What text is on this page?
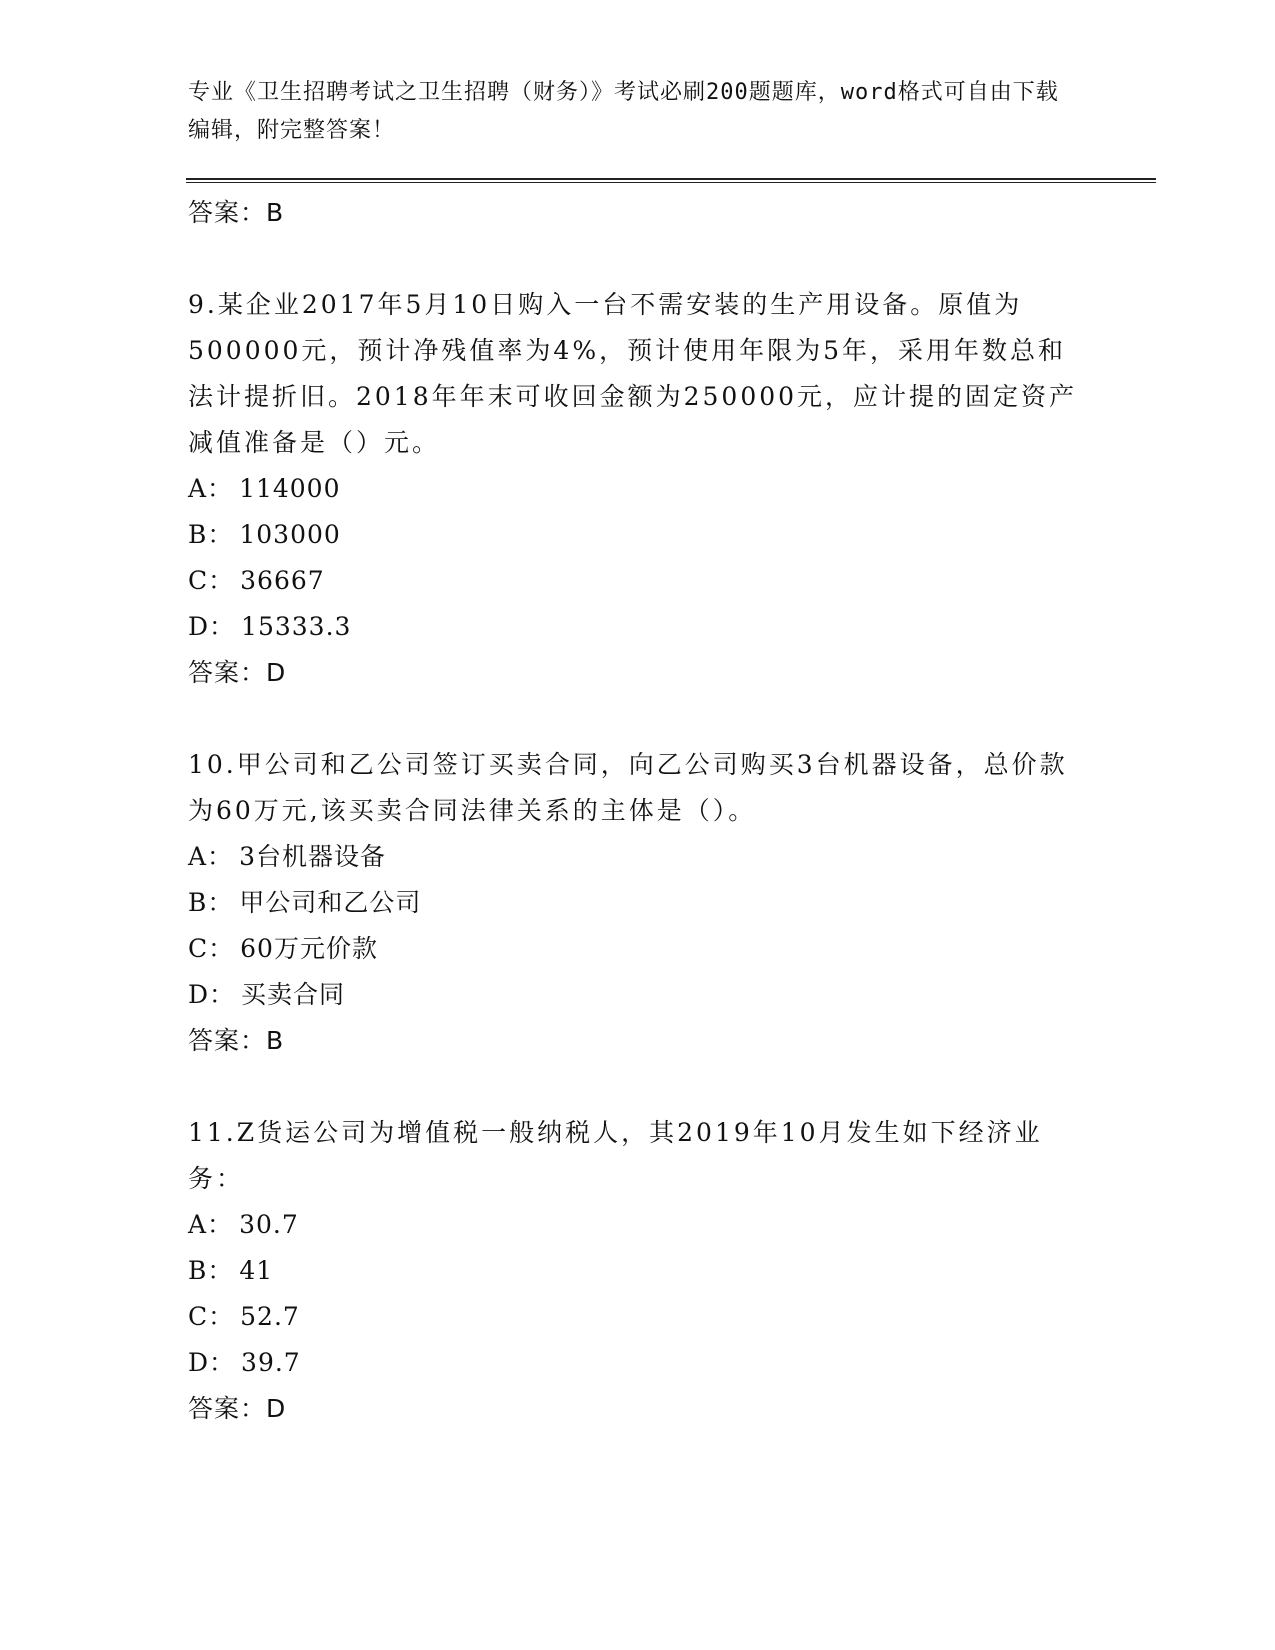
专业《卫生招聘考试之卫生招聘（财务）》考试必刷200题题库，word格式可自由下载编辑，附完整答案！
答案：B
9.某企业2017年5月10日购入一台不需安装的生产用设备。原值为500000元，预计净残值率为4%，预计使用年限为5年，采用年数总和法计提折旧。2018年年末可收回金额为250000元，应计提的固定资产减值准备是（）元。
A： 114000
B： 103000
C： 36667
D： 15333.3
答案：D
10.甲公司和乙公司签订买卖合同，向乙公司购买3台机器设备，总价款为60万元,该买卖合同法律关系的主体是（）。
A： 3台机器设备
B： 甲公司和乙公司
C： 60万元价款
D： 买卖合同
答案：B
11.Z货运公司为增值税一般纳税人，其2019年10月发生如下经济业务：
A： 30.7
B： 41
C： 52.7
D： 39.7
答案：D
